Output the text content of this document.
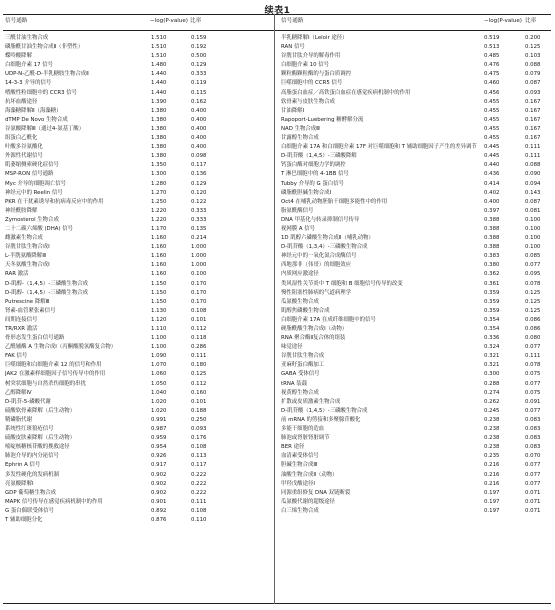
续表1
信号通路	−log(P-value) 比率	信号通路	−log(P-value) 比率
三酰甘油生物合成	1.510	0.159
磷脂酰甘油生物合成Ⅱ（非塑性）	1.510	0.192
蝶呤酸降解	1.510	0.500
白细胞介素 17 信号	1.480	0.129
UDP-N-乙酰-D-半乳糖胺生物合成Ⅱ	1.440	0.333
14-3-3 介导的信号	1.440	0.119
嗜酸性粒细胞中的 CCR3 信号	1.440	0.115
抗坏血酸途径	1.390	0.162
海藻糖降解Ⅱ（海藻糖）	1.380	0.400
dTMP De Novo 生物合成	1.380	0.400
谷氨酸降解Ⅲ（通过4-氨基丁酸）	1.380	0.400
组蛋白乙酰化	1.380	0.400
叶酸多谷氨酸化	1.380	0.400
外源性代谢信号	1.380	0.098
肌萎缩侧索硬化症信号	1.350	0.117
MSP-RON 信号通路	1.300	0.136
Myc 介导的细胞凋亡信号	1.280	0.129
神经元中的 Reelin 信号	1.270	0.120
PKR 在干扰素诱导和抗病毒反应中的作用	1.250	0.122
神经酰胺降解	1.220	0.333
Zymosterol 生物合成	1.220	0.333
二十二碳六烯酸 (DHA) 信号	1.170	0.135
雌激素生物合成	1.160	0.214
谷胱甘肽生物合成Ⅰ	1.160	1.000
L-半胱氨酸降解Ⅲ	1.160	1.000
天冬氨酸生物合成Ⅰ	1.160	1.000
RAR 激活	1.160	0.100
D-肌醇-（1,4,5）-三磷酸生物合成	1.150	0.170
D-肌醇-（1,4,5）-三磷酸生物合成	1.150	0.170
Putrescine 降解Ⅲ	1.150	0.170
肾素-血管紧张素信号	1.130	0.108
间期连接信号	1.120	0.101
TR/RXR 激活	1.110	0.112
骨形态发生蛋白信号通路	1.100	0.118
乙酰辅酶 A 生物合成Ⅰ（丙酮酸脱氢酶复合物）	1.100	0.286
FAK 信号	1.090	0.111
巨噬细胞和白细胞介素 12 的信号和作用	1.070	0.180
JAK2 在激素样细胞因子信号传导中的作用	1.060	0.125
树突状细胞与自然杀伤细胞的串扰	1.050	0.112
乙醇降解Ⅳ	1.040	0.160
D-肌苷-5-磷酸代谢	1.020	0.101
硫酸软骨素降解（后生动物）	1.020	0.188
鞘磷脂代谢	0.991	0.250
系统性红斑狼疮信号	0.987	0.093
硫酸皮肤素降解（后生动物）	0.959	0.176
嘧啶核糖核苷酸的挽救途径	0.954	0.108
肺泡介导的内分泌信号	0.926	0.113
Ephrin A 信号	0.917	0.117
多发性硬化的发病机制	0.902	0.222
亮氨酸降解Ⅰ	0.902	0.222
GDP 葡萄糖生物合成	0.902	0.222
MAPK 信号传导在感觉疾病机制中的作用	0.901	0.111
G 蛋白偶联受体信号	0.892	0.108
T 辅助细胞分化	0.876	0.110
半乳糖降解Ⅰ（Leloir 途径）	0.519	0.200
RAN 信号	0.513	0.125
谷胱甘肽介导的解毒作用	0.485	0.103
白细胞介素 10 信号	0.476	0.088
颗粒酶颗粒酶的与蛋白质调控	0.475	0.079
巨噬细胞中的 CCR5 信号	0.460	0.087
高脂蛋白血症／高铁蛋白血症在感觉疾病机制中的作用	0.456	0.093
软骨素与皮肤生物合成	0.455	0.167
甘油降解Ⅰ	0.455	0.167
Rapoport-Luebering 糖酵解分流	0.455	0.167
NAD 生物合成Ⅲ	0.455	0.167
甘露醇生物合成	0.455	0.167
白细胞介素 17A 和白细胞介素 17F 对巨噬细胞和 T 辅助细胞因子产生的差异调节	0.445	0.111
D-肌苷酸（1,4,5）-三磷酸降解	0.445	0.111
钙蛋白酶对细胞力学的调控	0.440	0.088
T 淋巴细胞中的 4-1BB 信号	0.436	0.090
Tubby 介导的 G 蛋白信号	0.414	0.094
磷脂酰胆碱生物合成Ⅰ	0.402	0.143
Oct4 在哺乳动物胚胎干细胞多能性中的作用	0.400	0.087
脂氨酰酶信号	0.397	0.081
DNA 甲基化与转录抑制信号传导	0.388	0.100
视网膜 A 信号	0.388	0.100
1D 肌醇六磷酸生物合成Ⅱ（哺乳动物）	0.388	0.100
D-肌苷酸（1,3,4）-三磷酸生物合成	0.388	0.100
神经元中的一氧化氮合成酶信号	0.383	0.085
西地那非（伟哥）的细胞效应	0.380	0.077
内质网应激途径	0.362	0.095
类风湿性关节炎中 T 细胞和 B 细胞信号传导的改变	0.361	0.078
慢性阻塞性肺病的气道病理学	0.359	0.125
瓜氨酸生物合成	0.359	0.125
肌醇焦磷酸生物合成	0.359	0.125
白细胞介素 17A 在成纤维细胞中的信号	0.354	0.086
硬脂酰酸生物合成Ⅰ（动物）	0.354	0.086
RNA 聚合酶Ⅱ复合体的组装	0.336	0.080
味觉途径	0.324	0.077
谷胱甘肽生物合成	0.321	0.111
亚麻籽蛋白酶加工	0.321	0.078
GABA 受体信号	0.300	0.075
tRNA 装载	0.288	0.077
视黄醇生物合成	0.274	0.075
扩散或皮质激素生物合成	0.262	0.091
D-肌苷酸（1,4,5）-三磷酸生物合成	0.245	0.077
前 mRNA 的剪接和多聚腺苷酸化	0.238	0.083
多能干细胞的造血	0.238	0.083
肺泡或肾脏肾脏调节	0.238	0.083
BER 途径	0.238	0.083
血清素受体信号	0.235	0.070
胆碱生物合成Ⅲ	0.216	0.077
油酸生物合成Ⅱ（动物）	0.216	0.077
甲羟戊酸途径Ⅰ	0.216	0.077
同源重组修复 DNA 双链断裂	0.197	0.071
瓜氨酸代谢的超级途径	0.197	0.071
白三烯生物合成	0.197	0.071
